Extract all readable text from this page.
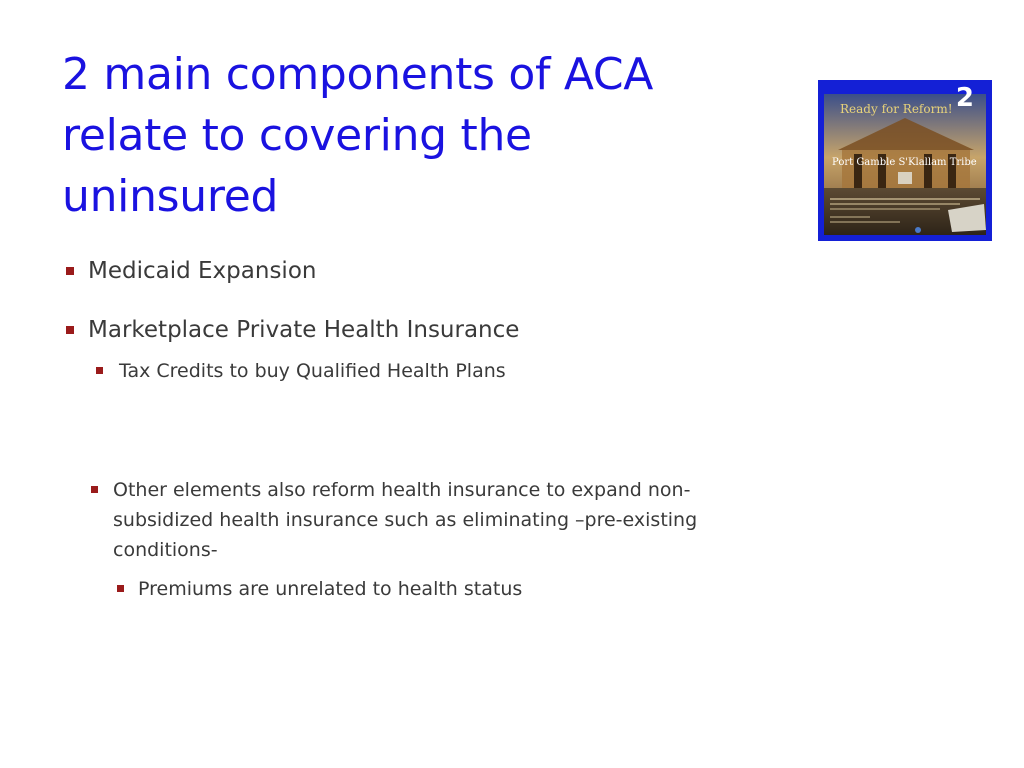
2 main components of ACA
relate to covering the
uninsured
2
Ready for Reform!
Port Gamble S'Klallam Tribe
Medicaid Expansion
Marketplace Private Health Insurance
Tax Credits to buy Qualified Health Plans
Other elements also reform health insurance to expand non-subsidized health insurance such as eliminating –pre-existing conditions-
Premiums are unrelated to health status
